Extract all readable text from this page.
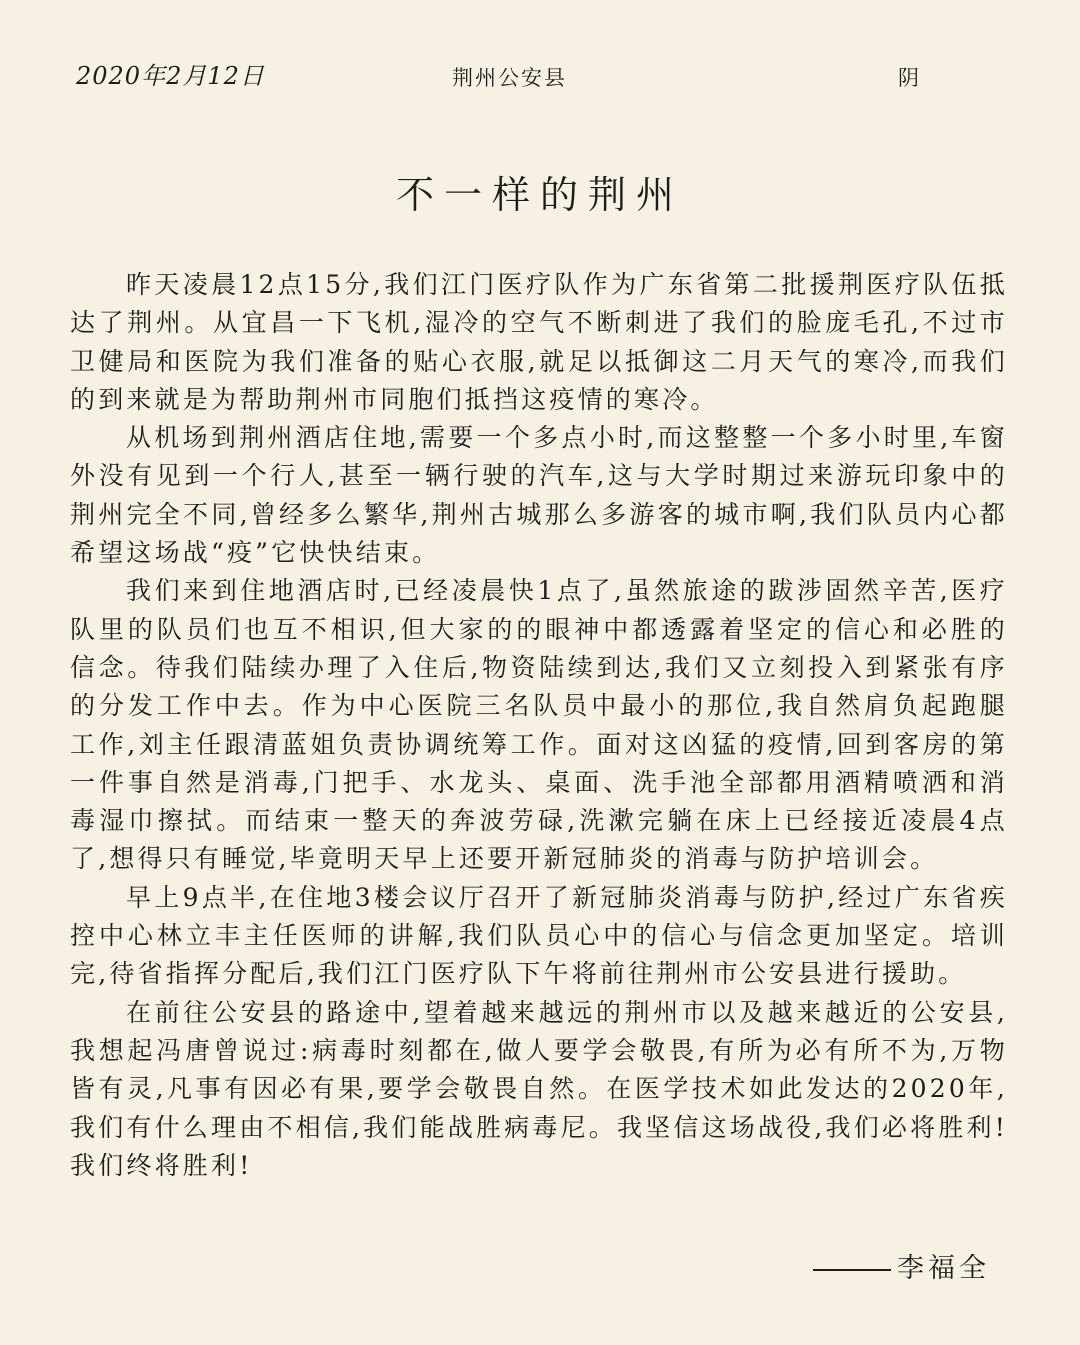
2020年2月12日	荆州公安县	阴
不一样的荆州

昨天凌晨12点15分,我们江门医疗队作为广东省第二批援荆医疗队伍抵达了荆州。从宜昌一下飞机,湿冷的空气不断刺进了我们的脸庞毛孔,不过市卫健局和医院为我们准备的贴心衣服,就足以抵御这二月天气的寒冷,而我们的到来就是为帮助荆州市同胞们抵挡这疫情的寒冷。

从机场到荆州酒店住地,需要一个多点小时,而这整整一个多小时里,车窗外没有见到一个行人,甚至一辆行驶的汽车,这与大学时期过来游玩印象中的荆州完全不同,曾经多么繁华,荆州古城那么多游客的城市啊,我们队员内心都希望这场战“疫”它快快结束。

我们来到住地酒店时,已经凌晨快1点了,虽然旅途的跋涉固然辛苦,医疗队里的队员们也互不相识,但大家的的眼神中都透露着坚定的信心和必胜的信念。待我们陆续办理了入住后,物资陆续到达,我们又立刻投入到紧张有序的分发工作中去。作为中心医院三名队员中最小的那位,我自然肩负起跑腿工作,刘主任跟清蓝姐负责协调统筹工作。面对这凶猛的疫情,回到客房的第一件事自然是消毒,门把手、水龙头、桌面、洗手池全部都用酒精喷洒和消毒湿巾擦拭。而结束一整天的奔波劳碌,洗漱完躺在床上已经接近凌晨4点了,想得只有睡觉,毕竟明天早上还要开新冠肺炎的消毒与防护培训会。

早上9点半,在住地3楼会议厅召开了新冠肺炎消毒与防护,经过广东省疾控中心林立丰主任医师的讲解,我们队员心中的信心与信念更加坚定。培训完,待省指挥分配后,我们江门医疗队下午将前往荆州市公安县进行援助。

在前往公安县的路途中,望着越来越远的荆州市以及越来越近的公安县,我想起冯唐曾说过:病毒时刻都在,做人要学会敬畏,有所为必有所不为,万物皆有灵,凡事有因必有果,要学会敬畏自然。在医学技术如此发达的2020年,我们有什么理由不相信,我们能战胜病毒尼。我坚信这场战役,我们必将胜利!我们终将胜利!

李福全
